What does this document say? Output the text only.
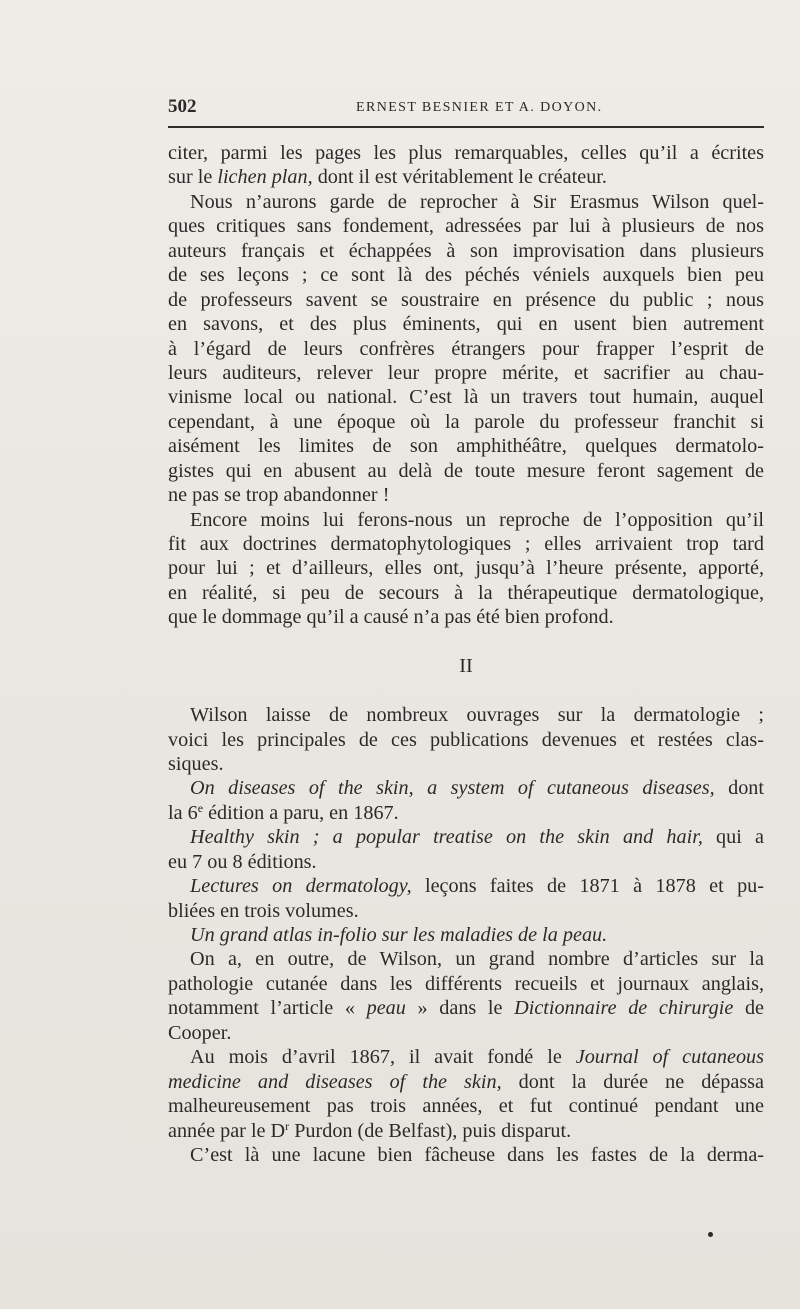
502	ERNEST BESNIER ET A. DOYON.
citer, parmi les pages les plus remarquables, celles qu’il a écrites
sur le lichen plan, dont il est véritablement le créateur.
Nous n’aurons garde de reprocher à Sir Erasmus Wilson quel-
ques critiques sans fondement, adressées par lui à plusieurs de nos
auteurs français et échappées à son improvisation dans plusieurs
de ses leçons ; ce sont là des péchés véniels auxquels bien peu
de professeurs savent se soustraire en présence du public ; nous
en savons, et des plus éminents, qui en usent bien autrement
à l’égard de leurs confrères étrangers pour frapper l’esprit de
leurs auditeurs, relever leur propre mérite, et sacrifier au chau-
vinisme local ou national. C’est là un travers tout humain, auquel
cependant, à une époque où la parole du professeur franchit si
aisément les limites de son amphithéâtre, quelques dermatolo-
gistes qui en abusent au delà de toute mesure feront sagement de
ne pas se trop abandonner !
Encore moins lui ferons-nous un reproche de l’opposition qu’il
fit aux doctrines dermatophytologiques ; elles arrivaient trop tard
pour lui ; et d’ailleurs, elles ont, jusqu’à l’heure présente, apporté,
en réalité, si peu de secours à la thérapeutique dermatologique,
que le dommage qu’il a causé n’a pas été bien profond.
II
Wilson laisse de nombreux ouvrages sur la dermatologie ;
voici les principales de ces publications devenues et restées clas-
siques.
On diseases of the skin, a system of cutaneous diseases, dont
la 6e édition a paru, en 1867.
Healthy skin ; a popular treatise on the skin and hair, qui a
eu 7 ou 8 éditions.
Lectures on dermatology, leçons faites de 1871 à 1878 et pu-
bliées en trois volumes.
Un grand atlas in-folio sur les maladies de la peau.
On a, en outre, de Wilson, un grand nombre d’articles sur la
pathologie cutanée dans les différents recueils et journaux anglais,
notamment l’article « peau » dans le Dictionnaire de chirurgie de
Cooper.
Au mois d’avril 1867, il avait fondé le Journal of cutaneous
medicine and diseases of the skin, dont la durée ne dépassa
malheureusement pas trois années, et fut continué pendant une
année par le $D^r$ Purdon (de Belfast), puis disparut.
C’est là une lacune bien fâcheuse dans les fastes de la derma-
